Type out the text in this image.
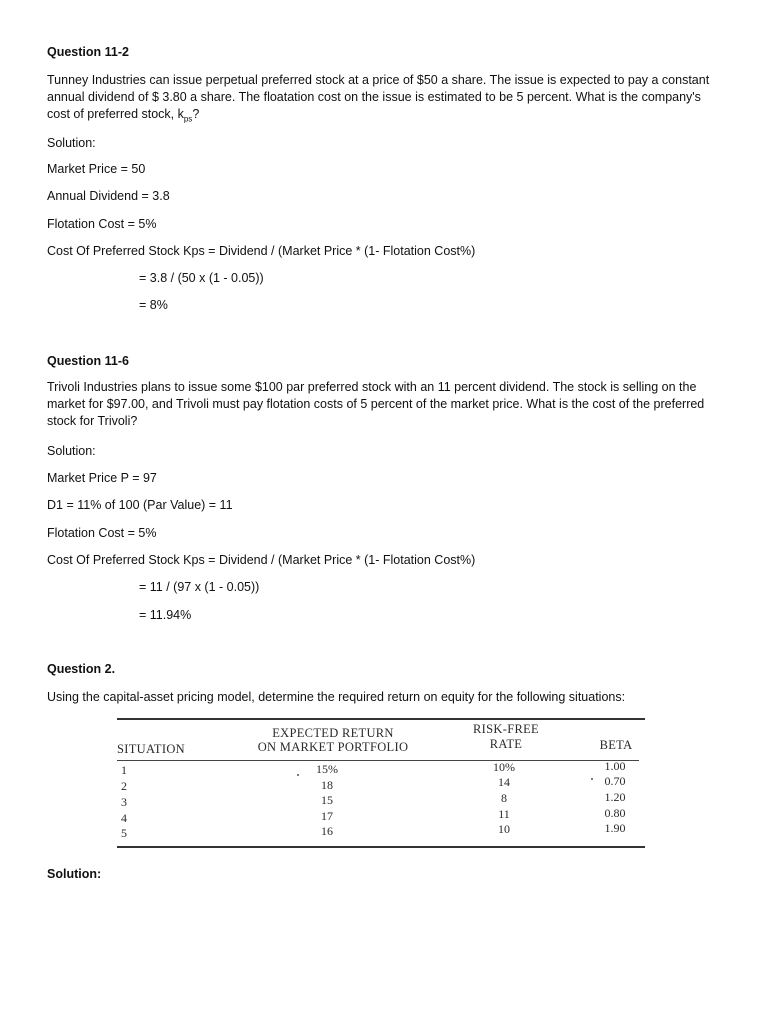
Question 11-2

Tunney Industries can issue perpetual preferred stock at a price of $50 a share. The issue is expected to pay a constant annual dividend of $ 3.80 a share. The floatation cost on the issue is estimated to be 5 percent. What is the company's cost of preferred stock, $k_{ps}$?

Solution:

Market Price = 50

Annual Dividend = 3.8

Flotation Cost = 5%

Cost Of Preferred Stock Kps = Dividend / (Market Price * (1- Flotation Cost%)

= 3.8 / (50 x (1 - 0.05))

= 8%

Question 11-6

Trivoli Industries plans to issue some $100 par preferred stock with an 11 percent dividend. The stock is selling on the market for $97.00, and Trivoli must pay flotation costs of 5 percent of the market price. What is the cost of the preferred stock for Trivoli?

Solution:

Market Price P = 97

D1 = 11% of 100 (Par Value) = 11

Flotation Cost = 5%

Cost Of Preferred Stock Kps = Dividend / (Market Price * (1- Flotation Cost%)

= 11 / (97 x (1 - 0.05))

= 11.94%

Question 2.

Using the capital-asset pricing model, determine the required return on equity for the following situations:

SITUATION
EXPECTED RETURN
ON MARKET PORTFOLIO
RISK-FREE
RATE	BETA
1	15%	10%	1.00
2	18	14	0.70
3	15	8	1.20
4	17	11	0.80
5	16	10	1.90

Solution:
